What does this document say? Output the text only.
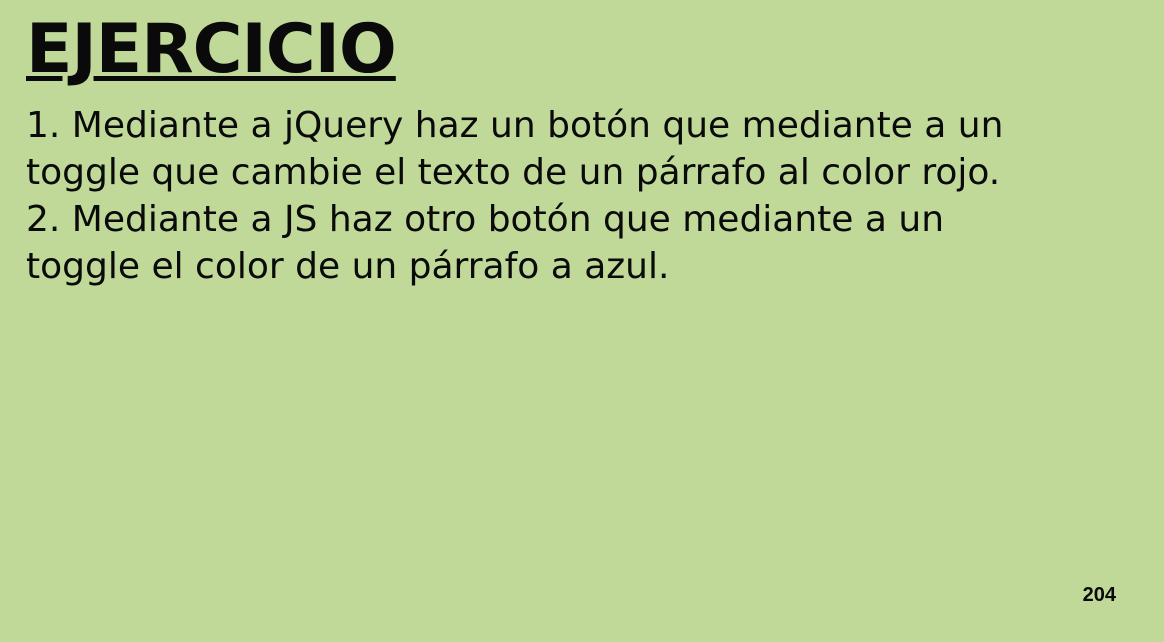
EJERCICIO
1. Mediante a jQuery haz un botón que mediante a un
toggle que cambie el texto de un párrafo al color rojo.
2. Mediante a JS haz otro botón que mediante a un
toggle el color de un párrafo a azul.
204
